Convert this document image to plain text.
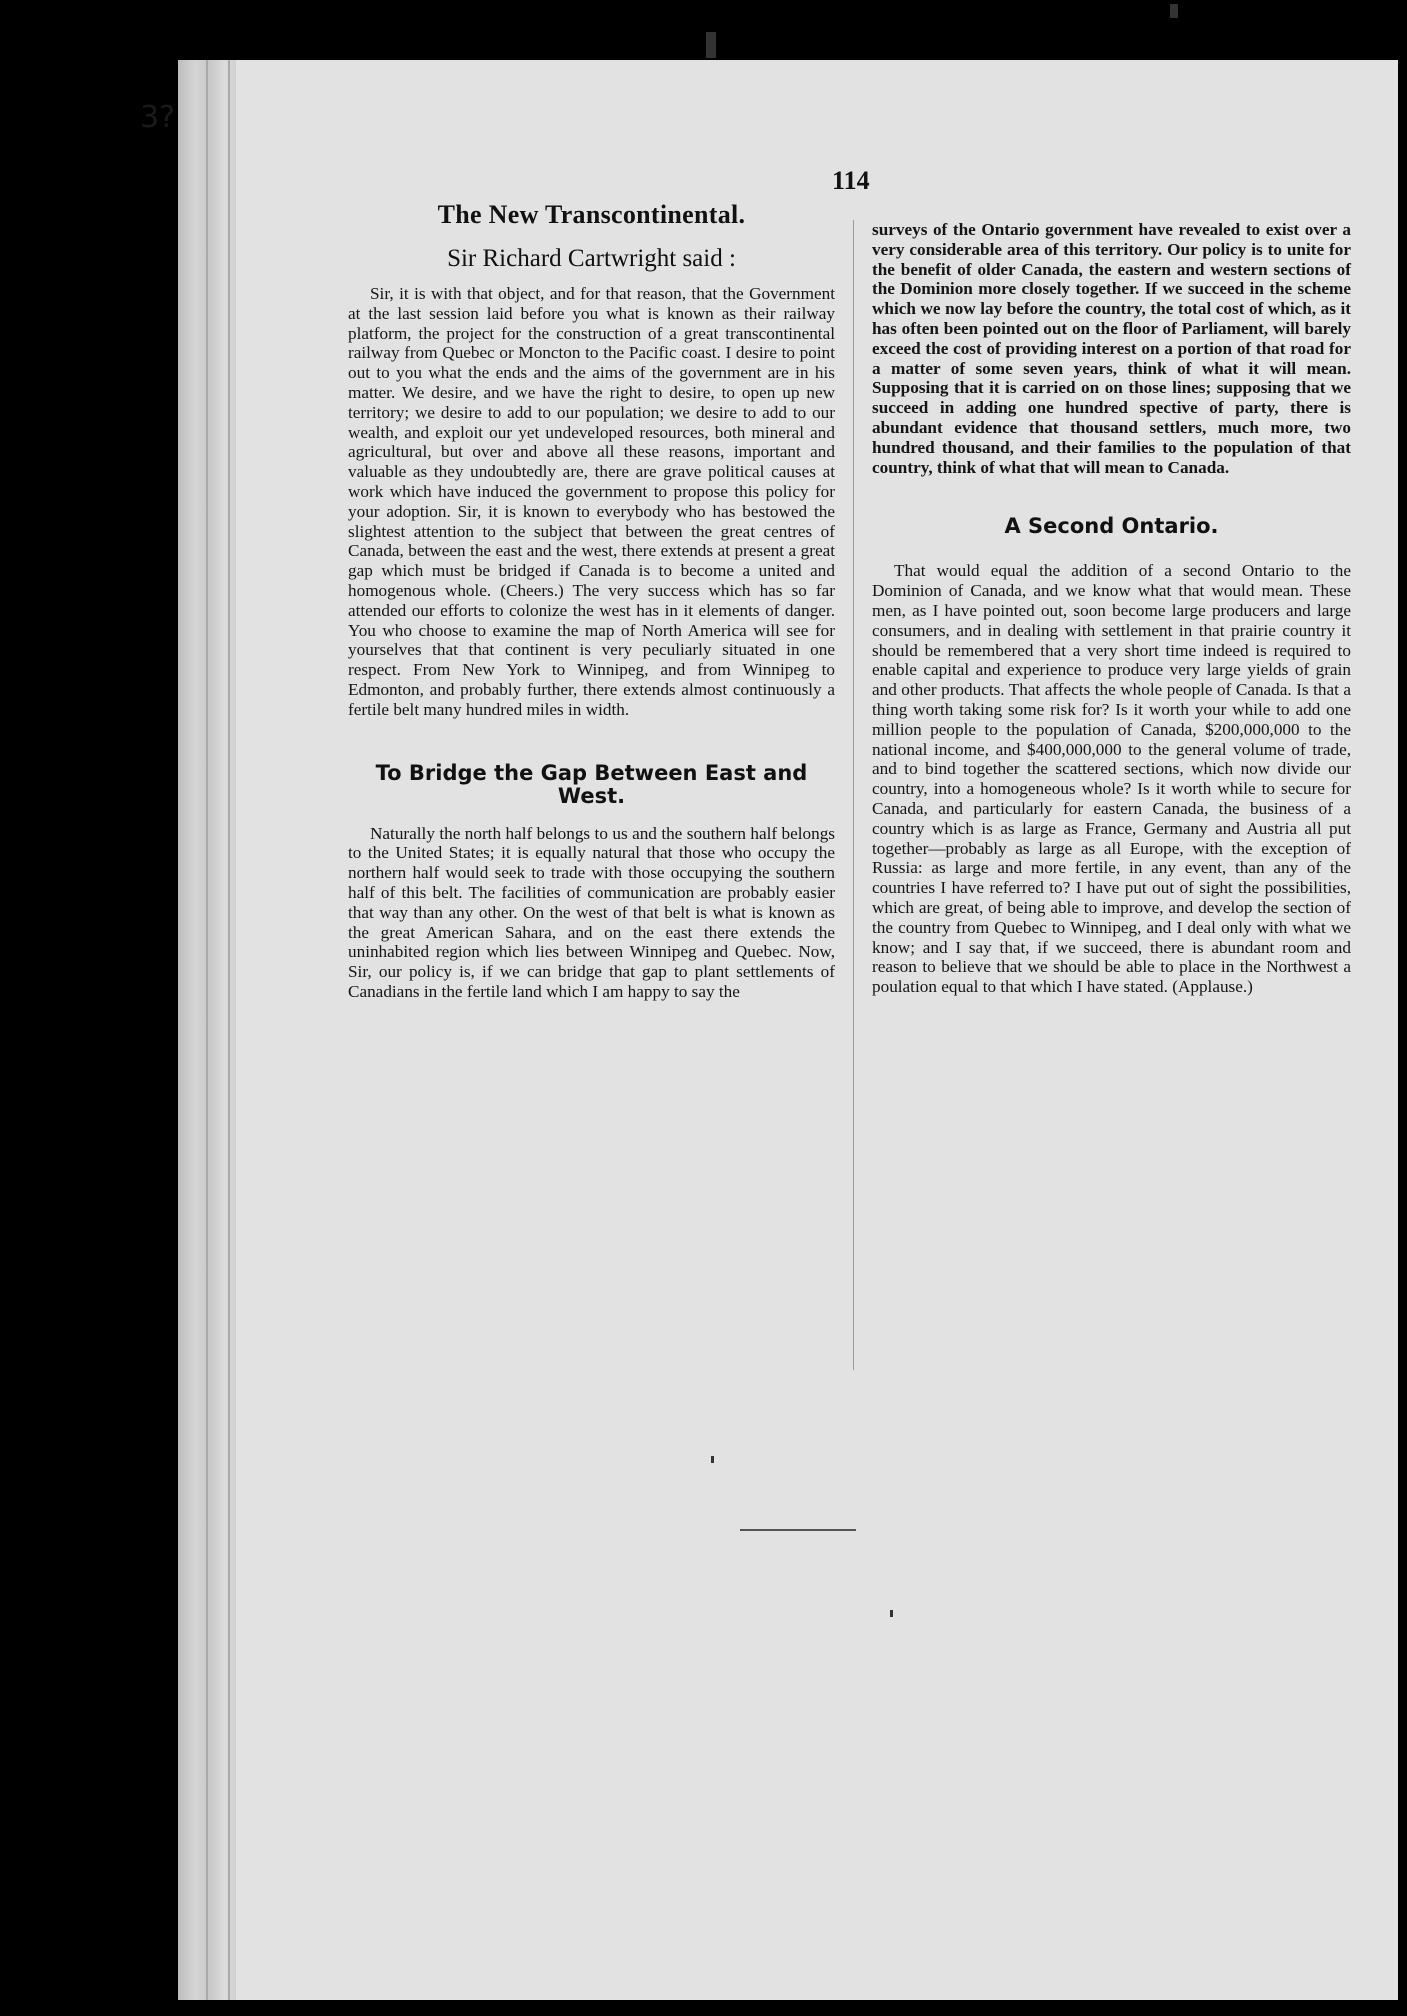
3?
114

The New Transcontinental.

Sir Richard Cartwright said :

Sir, it is with that object, and for that reason, that the Government at the last session laid before you what is known as their railway platform, the project for the construction of a great transcontinental railway from Quebec or Moncton to the Pacific coast. I desire to point out to you what the ends and the aims of the government are in his matter. We desire, and we have the right to desire, to open up new territory; we desire to add to our population; we desire to add to our wealth, and exploit our yet undeveloped resources, both mineral and agricultural, but over and above all these reasons, important and valuable as they undoubtedly are, there are grave political causes at work which have induced the government to propose this policy for your adoption. Sir, it is known to everybody who has bestowed the slightest attention to the subject that between the great centres of Canada, between the east and the west, there extends at present a great gap which must be bridged if Canada is to become a united and homogenous whole. (Cheers.) The very success which has so far attended our efforts to colonize the west has in it elements of danger. You who choose to examine the map of North America will see for yourselves that that continent is very peculiarly situated in one respect. From New York to Winnipeg, and from Winnipeg to Edmonton, and probably further, there extends almost continuously a fertile belt many hundred miles in width.

To Bridge the Gap Between East and West.

Naturally the north half belongs to us and the southern half belongs to the United States; it is equally natural that those who occupy the northern half would seek to trade with those occupying the southern half of this belt. The facilities of communication are probably easier that way than any other. On the west of that belt is what is known as the great American Sahara, and on the east there extends the uninhabited region which lies between Winnipeg and Quebec. Now, Sir, our policy is, if we can bridge that gap to plant settlements of Canadians in the fertile land which I am happy to say the

surveys of the Ontario government have revealed to exist over a very considerable area of this territory. Our policy is to unite for the benefit of older Canada, the eastern and western sections of the Dominion more closely together. If we succeed in the scheme which we now lay before the country, the total cost of which, as it has often been pointed out on the floor of Parliament, will barely exceed the cost of providing interest on a portion of that road for a matter of some seven years, think of what it will mean. Supposing that it is carried on on those lines; supposing that we succeed in adding one hundred spective of party, there is abundant evidence that thousand settlers, much more, two hundred thousand, and their families to the population of that country, think of what that will mean to Canada.

A Second Ontario.

That would equal the addition of a second Ontario to the Dominion of Canada, and we know what that would mean. These men, as I have pointed out, soon become large producers and large consumers, and in dealing with settlement in that prairie country it should be remembered that a very short time indeed is required to enable capital and experience to produce very large yields of grain and other products. That affects the whole people of Canada. Is that a thing worth taking some risk for? Is it worth your while to add one million people to the population of Canada, $200,000,000 to the national income, and $400,000,000 to the general volume of trade, and to bind together the scattered sections, which now divide our country, into a homogeneous whole? Is it worth while to secure for Canada, and particularly for eastern Canada, the business of a country which is as large as France, Germany and Austria all put together—probably as large as all Europe, with the exception of Russia: as large and more fertile, in any event, than any of the countries I have referred to? I have put out of sight the possibilities, which are great, of being able to improve, and develop the section of the country from Quebec to Winnipeg, and I deal only with what we know; and I say that, if we succeed, there is abundant room and reason to believe that we should be able to place in the Northwest a poulation equal to that which I have stated. (Applause.)
